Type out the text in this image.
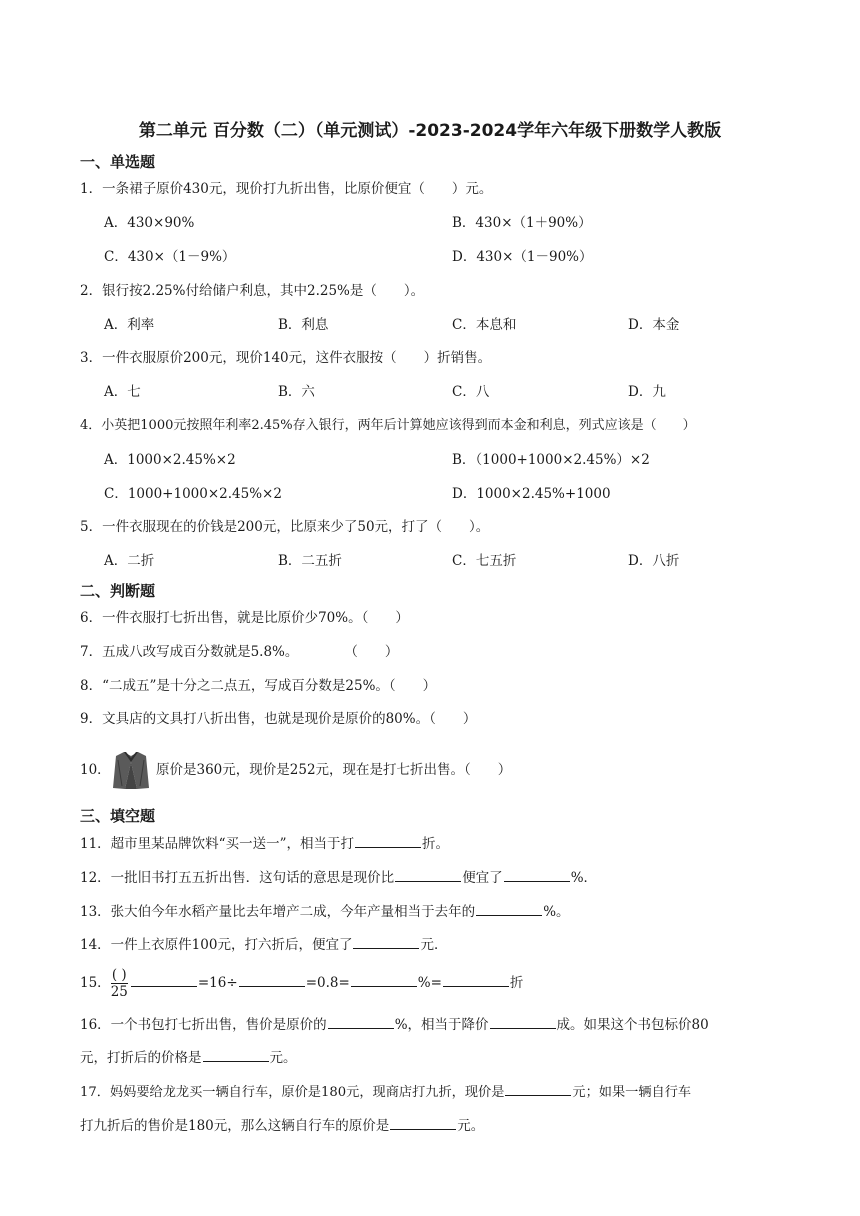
第二单元 百分数（二）（单元测试）-2023-2024学年六年级下册数学人教版
一、单选题
1．一条裙子原价430元，现价打九折出售，比原价便宜（　　）元。
A．430×90%	B．430×（1＋90%）
C．430×（1－9%）	D．430×（1－90%）
2．银行按2.25%付给储户利息，其中2.25%是（　　）。
A．利率	B．利息	C．本息和	D．本金
3．一件衣服原价200元，现价140元，这件衣服按（　　）折销售。
A．七	B．六	C．八	D．九
4．小英把1000元按照年利率2.45%存入银行，两年后计算她应该得到而本金和利息，列式应该是（　　）
A．1000×2.45%×2	B．（1000+1000×2.45%）×2
C．1000+1000×2.45%×2	D．1000×2.45%+1000
5．一件衣服现在的价钱是200元，比原来少了50元，打了（　　）。
A．二折	B．二五折	C．七五折	D．八折
二、判断题
6．一件衣服打七折出售，就是比原价少70%。（　　）
7．五成八改写成百分数就是5.8%。	（　　）
8．“二成五”是十分之二点五，写成百分数是25%。（　　）
9．文具店的文具打八折出售，也就是现价是原价的80%。（　　）
10．	原价是360元，现价是252元，现在是打七折出售。（　　）
三、填空题
11．超市里某品牌饮料“买一送一”，相当于打	折。
12．一批旧书打五五折出售．这句话的意思是现价比	便宜了	%．
13．张大伯今年水稻产量比去年增产二成，今年产量相当于去年的	%。
14．一件上衣原件100元，打六折后，便宜了	元．
15． $\frac{( )}{25}$	=16÷	=0.8=	%=	折
16．一个书包打七折出售，售价是原价的	%，相当于降价	成。如果这个书包标价80
元，打折后的价格是	元。
17．妈妈要给龙龙买一辆自行车，原价是180元，现商店打九折，现价是	元；如果一辆自行车
打九折后的售价是180元，那么这辆自行车的原价是	元。
